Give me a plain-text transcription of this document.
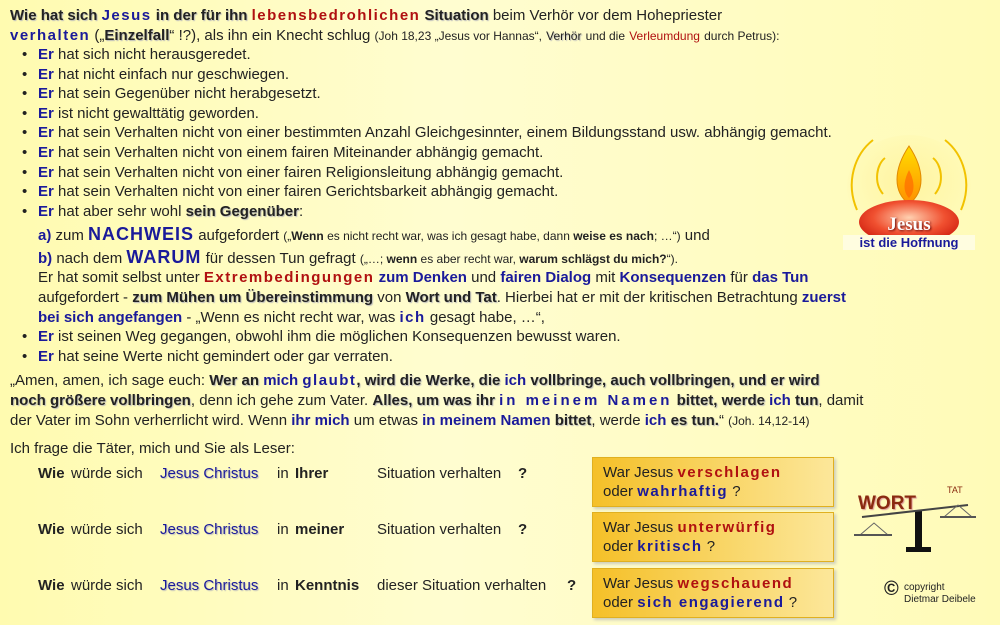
Wie hat sich Jesus in der für ihn lebensbedrohlichen Situation beim Verhör vor dem Hohepriester
verhalten („Einzelfall“ !?), als ihn ein Knecht schlug (Joh 18,23 „Jesus vor Hannas“, Verhör und die Verleumdung durch Petrus):
• Er hat sich nicht herausgeredet.
• Er hat nicht einfach nur geschwiegen.
• Er hat sein Gegenüber nicht herabgesetzt.
• Er ist nicht gewalttätig geworden.
• Er hat sein Verhalten nicht von einer bestimmten Anzahl Gleichgesinnter, einem Bildungsstand usw. abhängig gemacht.
• Er hat sein Verhalten nicht von einem fairen Miteinander abhängig gemacht.
• Er hat sein Verhalten nicht von einer fairen Religionsleitung abhängig gemacht.
• Er hat sein Verhalten nicht von einer fairen Gerichtsbarkeit abhängig gemacht.
• Er hat aber sehr wohl sein Gegenüber:
a) zum NACHWEIS aufgefordert („Wenn es nicht recht war, was ich gesagt habe, dann weise es nach; …“) und
b) nach dem WARUM für dessen Tun gefragt („…; wenn es aber recht war, warum schlägst du mich?“).
Er hat somit selbst unter Extrembedingungen zum Denken und fairen Dialog mit Konsequenzen für das Tun
aufgefordert - zum Mühen um Übereinstimmung von Wort und Tat. Hierbei hat er mit der kritischen Betrachtung zuerst
bei sich angefangen - „Wenn es nicht recht war, was ich gesagt habe, …“,
• Er ist seinen Weg gegangen, obwohl ihm die möglichen Konsequenzen bewusst waren.
• Er hat seine Werte nicht gemindert oder gar verraten.
„Amen, amen, ich sage euch: Wer an mich glaubt, wird die Werke, die ich vollbringe, auch vollbringen, und er wird
noch größere vollbringen, denn ich gehe zum Vater. Alles, um was ihr in meinem Namen bittet, werde ich tun, damit
der Vater im Sohn verherrlicht wird. Wenn ihr mich um etwas in meinem Namen bittet, werde ich es tun.“ (Joh. 14,12-14)
Ich frage die Täter, mich und Sie als Leser:
Wie würde sich Jesus Christus in Ihrer	Situation verhalten ?	War Jesus verschlagen
oder wahrhaftig ?
Wie würde sich Jesus Christus in meiner Situation verhalten ?	War Jesus unterwürfig
oder kritisch ?
Wie würde sich Jesus Christus in Kenntnis dieser Situation verhalten ? War Jesus wegschauend
oder sich engagierend ?
Jesus
ist die Hoffnung
WORT
TAT
© copyright
Dietmar Deibele
